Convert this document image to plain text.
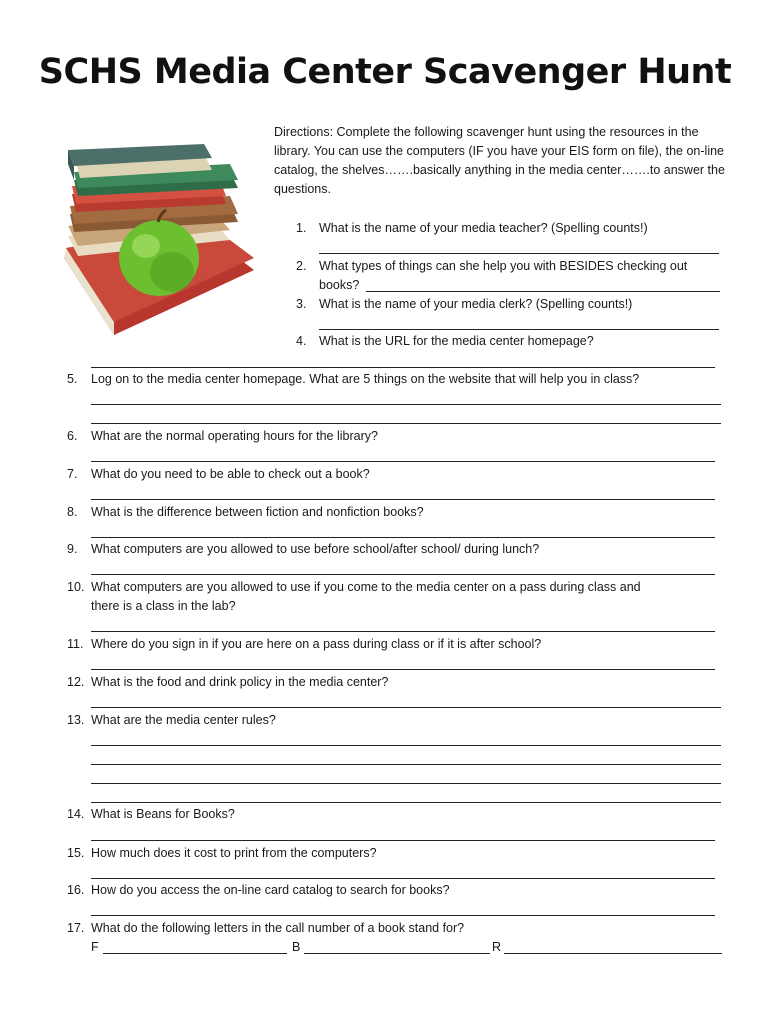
SCHS Media Center Scavenger Hunt
Directions: Complete the following scavenger hunt using the resources in the library. You can use the computers (IF you have your EIS form on file), the on-line catalog, the shelves…….basically anything in the media center…….to answer the questions.
1. What is the name of your media teacher? (Spelling counts!)
2. What types of things can she help you with BESIDES checking out
books?
3. What is the name of your media clerk? (Spelling counts!)
4. What is the URL for the media center homepage?
5. Log on to the media center homepage. What are 5 things on the website that will help you in class?
6. What are the normal operating hours for the library?
7. What do you need to be able to check out a book?
8. What is the difference between fiction and nonfiction books?
9. What computers are you allowed to use before school/after school/ during lunch?
10. What computers are you allowed to use if you come to the media center on a pass during class and
there is a class in the lab?
11. Where do you sign in if you are here on a pass during class or if it is after school?
12. What is the food and drink policy in the media center?
13. What are the media center rules?
14. What is Beans for Books?
15. How much does it cost to print from the computers?
16. How do you access the on-line card catalog to search for books?
17. What do the following letters in the call number of a book stand for?
F	B	R
